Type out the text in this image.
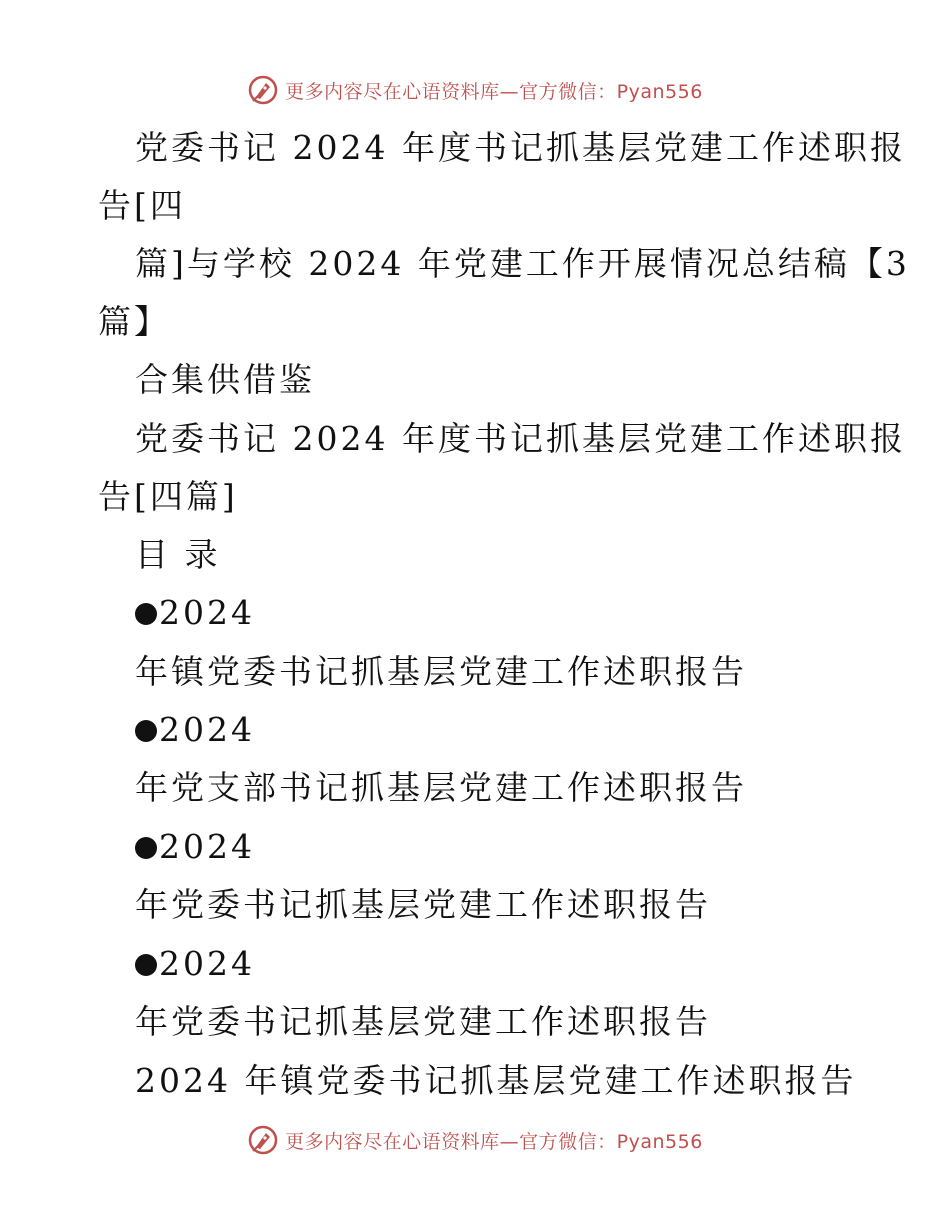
更多内容尽在心语资料库—官方微信：Pyan556
党委书记 2024 年度书记抓基层党建工作述职报
告[四
篇]与学校 2024 年党建工作开展情况总结稿【3
篇】
合集供借鉴
党委书记 2024 年度书记抓基层党建工作述职报
告[四篇]
目 录
2024
年镇党委书记抓基层党建工作述职报告
2024
年党支部书记抓基层党建工作述职报告
2024
年党委书记抓基层党建工作述职报告
2024
年党委书记抓基层党建工作述职报告
2024 年镇党委书记抓基层党建工作述职报告
更多内容尽在心语资料库—官方微信：Pyan556
